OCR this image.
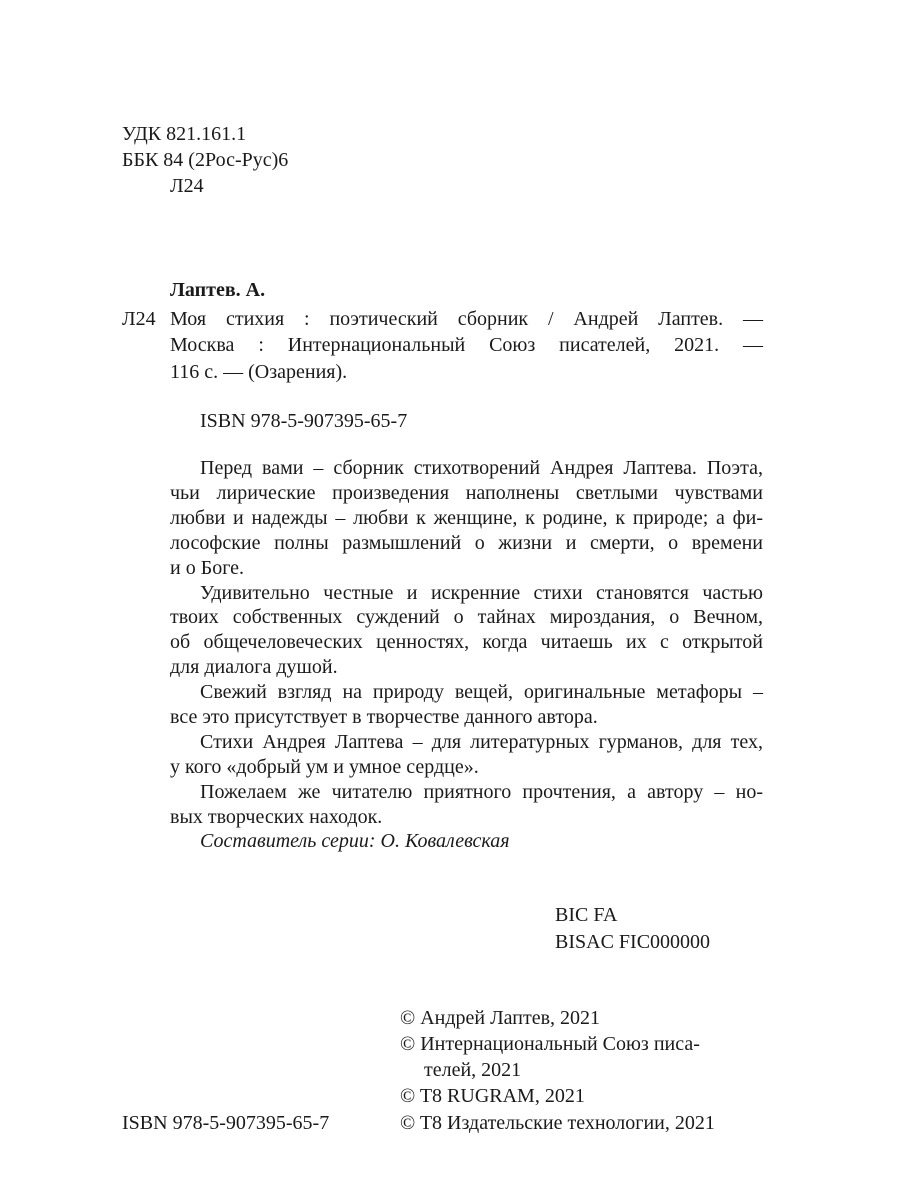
УДК 821.161.1
ББК 84 (2Рос-Рус)6
Л24
Лаптев. А.
Л24 Моя стихия : поэтический сборник / Андрей Лаптев. —
Москва : Интернациональный Союз писателей, 2021. —
116 с. — (Озарения).
ISBN 978-5-907395-65-7
Перед вами – сборник стихотворений Андрея Лаптева. Поэта,
чьи лирические произведения наполнены светлыми чувствами
любви и надежды – любви к женщине, к родине, к природе; а фи-
лософские полны размышлений о жизни и смерти, о времени
и о Боге.
Удивительно честные и искренние стихи становятся частью
твоих собственных суждений о тайнах мироздания, о Вечном,
об общечеловеческих ценностях, когда читаешь их с открытой
для диалога душой.
Свежий взгляд на природу вещей, оригинальные метафоры –
все это присутствует в творчестве данного автора.
Стихи Андрея Лаптева – для литературных гурманов, для тех,
у кого «добрый ум и умное сердце».
Пожелаем же читателю приятного прочтения, а автору – но-
вых творческих находок.
Составитель серии: О. Ковалевская
BIC FA
BISAC FIC000000
© Андрей Лаптев, 2021
© Интернациональный Союз писа-
телей, 2021
© T8 RUGRAM, 2021
© T8 Издательские технологии, 2021
ISBN 978-5-907395-65-7
